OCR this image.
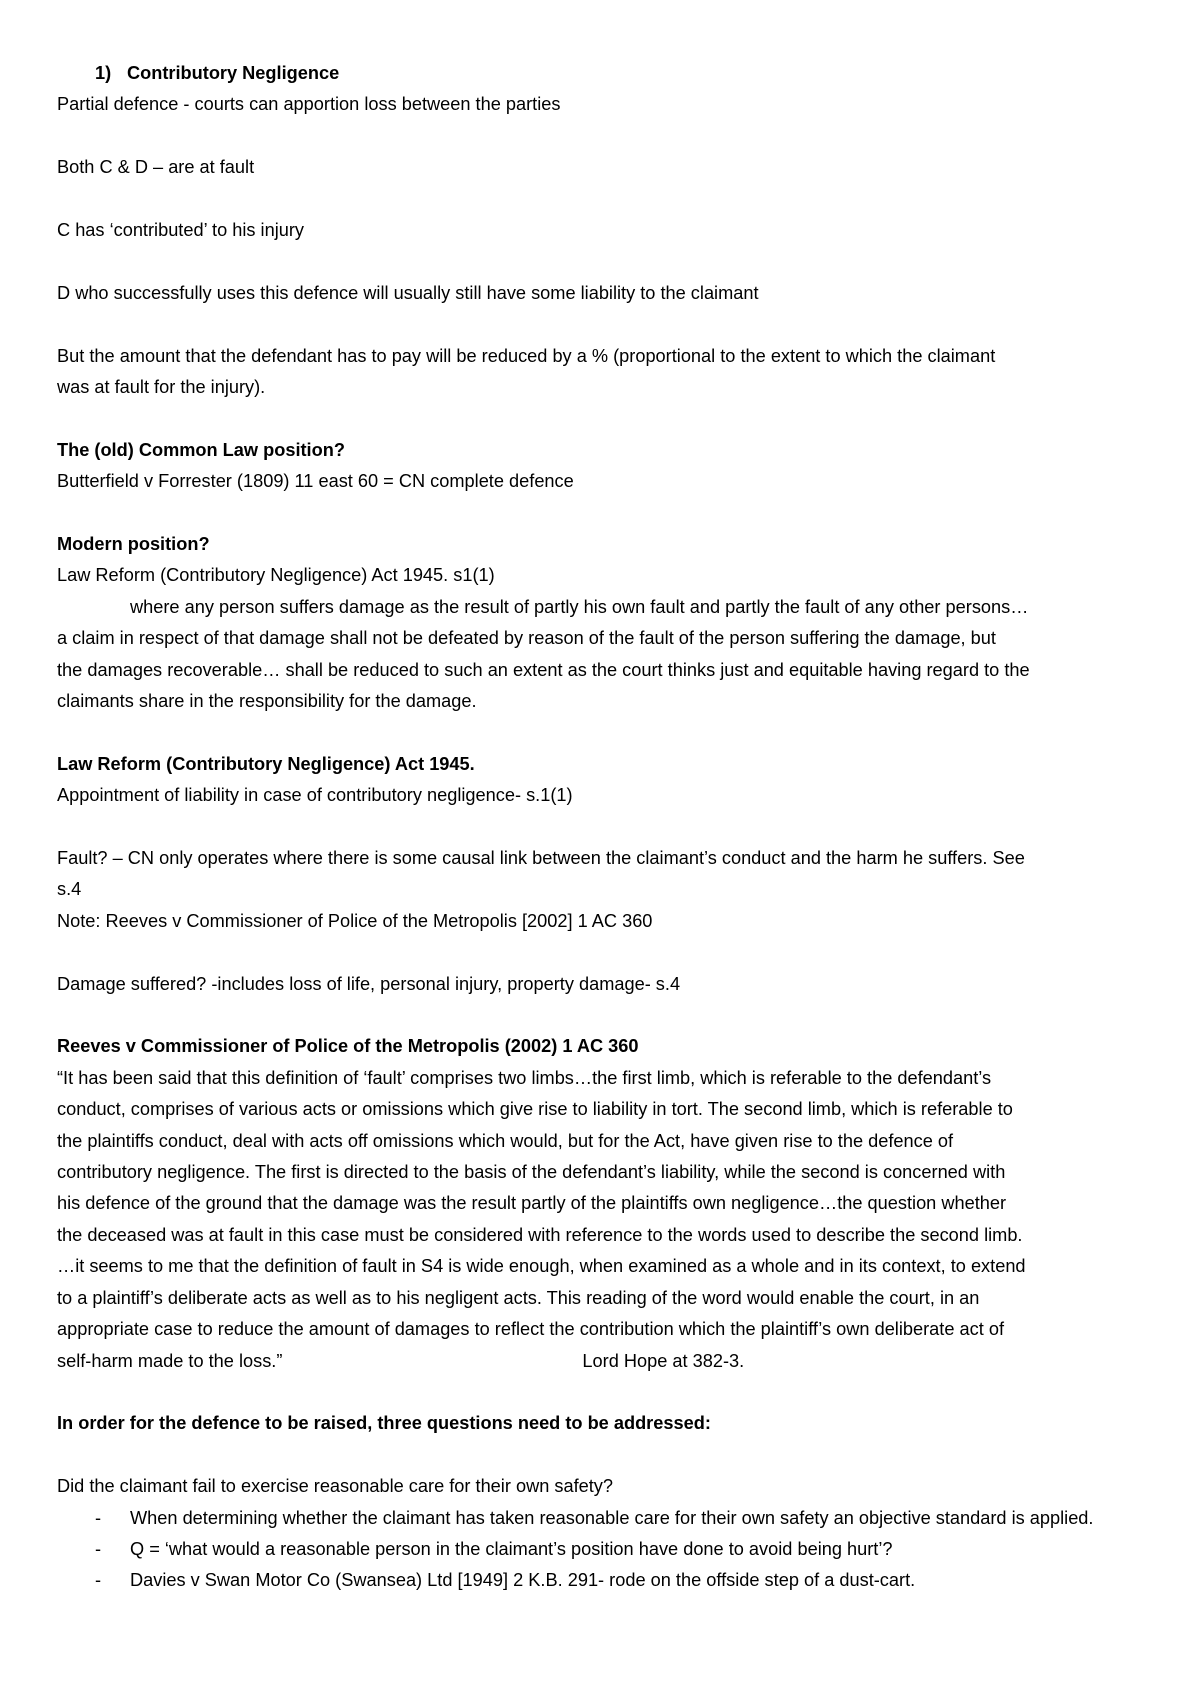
1) Contributory Negligence
Partial defence - courts can apportion loss between the parties
Both C & D – are at fault
C has ‘contributed’ to his injury
D who successfully uses this defence will usually still have some liability to the claimant
But the amount that the defendant has to pay will be reduced by a % (proportional to the extent to which the claimant
was at fault for the injury).
The (old) Common Law position?
Butterfield v Forrester (1809) 11 east 60 = CN complete defence
Modern position?
Law Reform (Contributory Negligence) Act 1945. s1(1)
where any person suffers damage as the result of partly his own fault and partly the fault of any other persons…
a claim in respect of that damage shall not be defeated by reason of the fault of the person suffering the damage, but
the damages recoverable… shall be reduced to such an extent as the court thinks just and equitable having regard to the
claimants share in the responsibility for the damage.
Law Reform (Contributory Negligence) Act 1945.
Appointment of liability in case of contributory negligence- s.1(1)
Fault? – CN only operates where there is some causal link between the claimant’s conduct and the harm he suffers. See
s.4
Note: Reeves v Commissioner of Police of the Metropolis [2002] 1 AC 360
Damage suffered? -includes loss of life, personal injury, property damage- s.4
Reeves v Commissioner of Police of the Metropolis (2002) 1 AC 360
“It has been said that this definition of ‘fault’ comprises two limbs…the first limb, which is referable to the defendant’s
conduct, comprises of various acts or omissions which give rise to liability in tort. The second limb, which is referable to
the plaintiffs conduct, deal with acts off omissions which would, but for the Act, have given rise to the defence of
contributory negligence. The first is directed to the basis of the defendant’s liability, while the second is concerned with
his defence of the ground that the damage was the result partly of the plaintiffs own negligence…the question whether
the deceased was at fault in this case must be considered with reference to the words used to describe the second limb.
…it seems to me that the definition of fault in S4 is wide enough, when examined as a whole and in its context, to extend
to a plaintiff’s deliberate acts as well as to his negligent acts. This reading of the word would enable the court, in an
appropriate case to reduce the amount of damages to reflect the contribution which the plaintiff’s own deliberate act of
self-harm made to the loss.”	Lord Hope at 382-3.
In order for the defence to be raised, three questions need to be addressed:
Did the claimant fail to exercise reasonable care for their own safety?
- When determining whether the claimant has taken reasonable care for their own safety an objective standard is applied.
- Q = ‘what would a reasonable person in the claimant’s position have done to avoid being hurt’?
- Davies v Swan Motor Co (Swansea) Ltd [1949] 2 K.B. 291- rode on the offside step of a dust-cart.
